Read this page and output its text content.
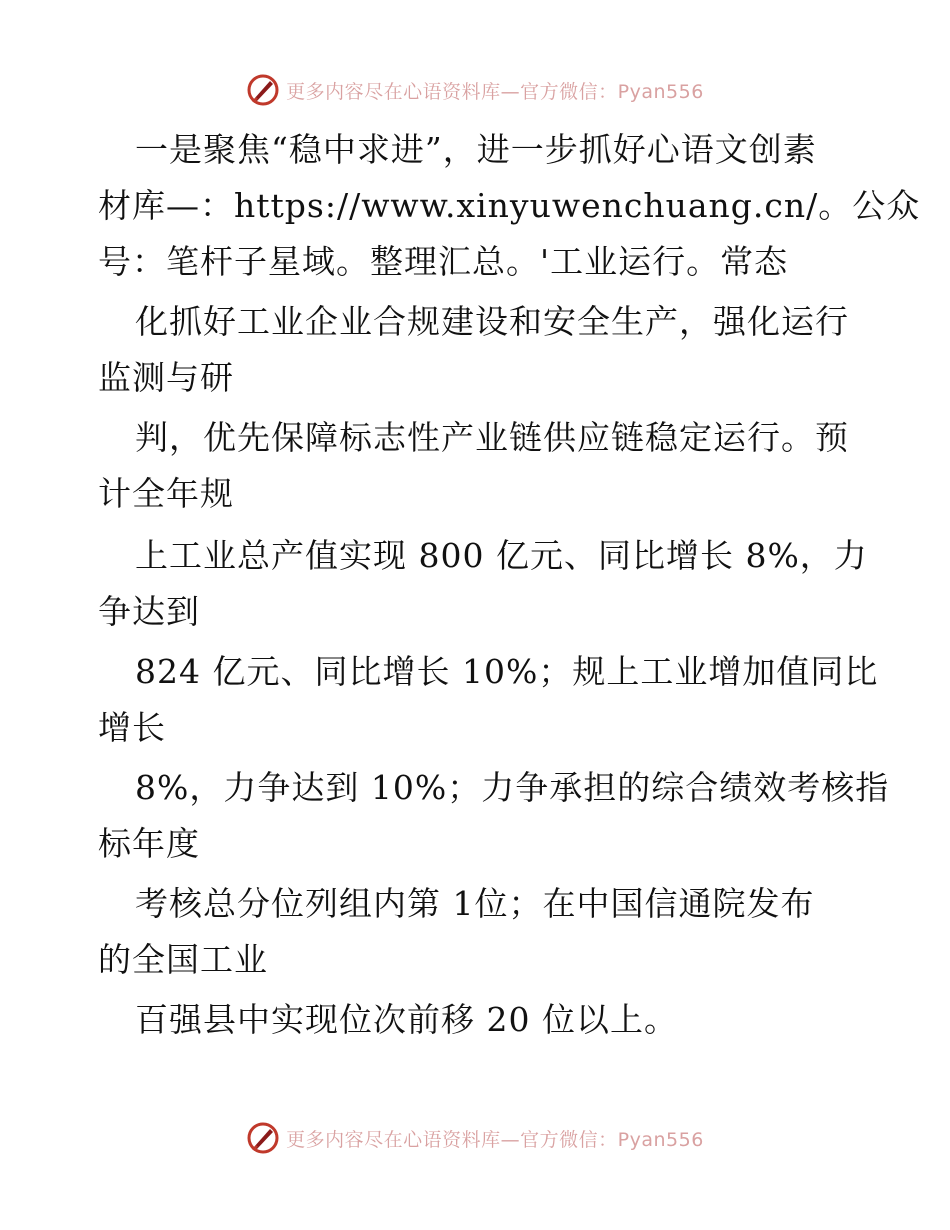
更多内容尽在心语资料库—官方微信：Pyan556
一是聚焦“稳中求进”，进一步抓好心语文创素
材库—：https://www.xinyuwenchuang.cn/。公众
号：笔杆子星域。整理汇总。'工业运行。常态
化抓好工业企业合规建设和安全生产，强化运行
监测与研
判，优先保障标志性产业链供应链稳定运行。预
计全年规
上工业总产值实现 800 亿元、同比增长 8%，力
争达到
824 亿元、同比增长 10%；规上工业增加值同比
增长
8%，力争达到 10%；力争承担的综合绩效考核指
标年度
考核总分位列组内第 1位；在中国信通院发布
的全国工业
百强县中实现位次前移 20 位以上。
更多内容尽在心语资料库—官方微信：Pyan556
